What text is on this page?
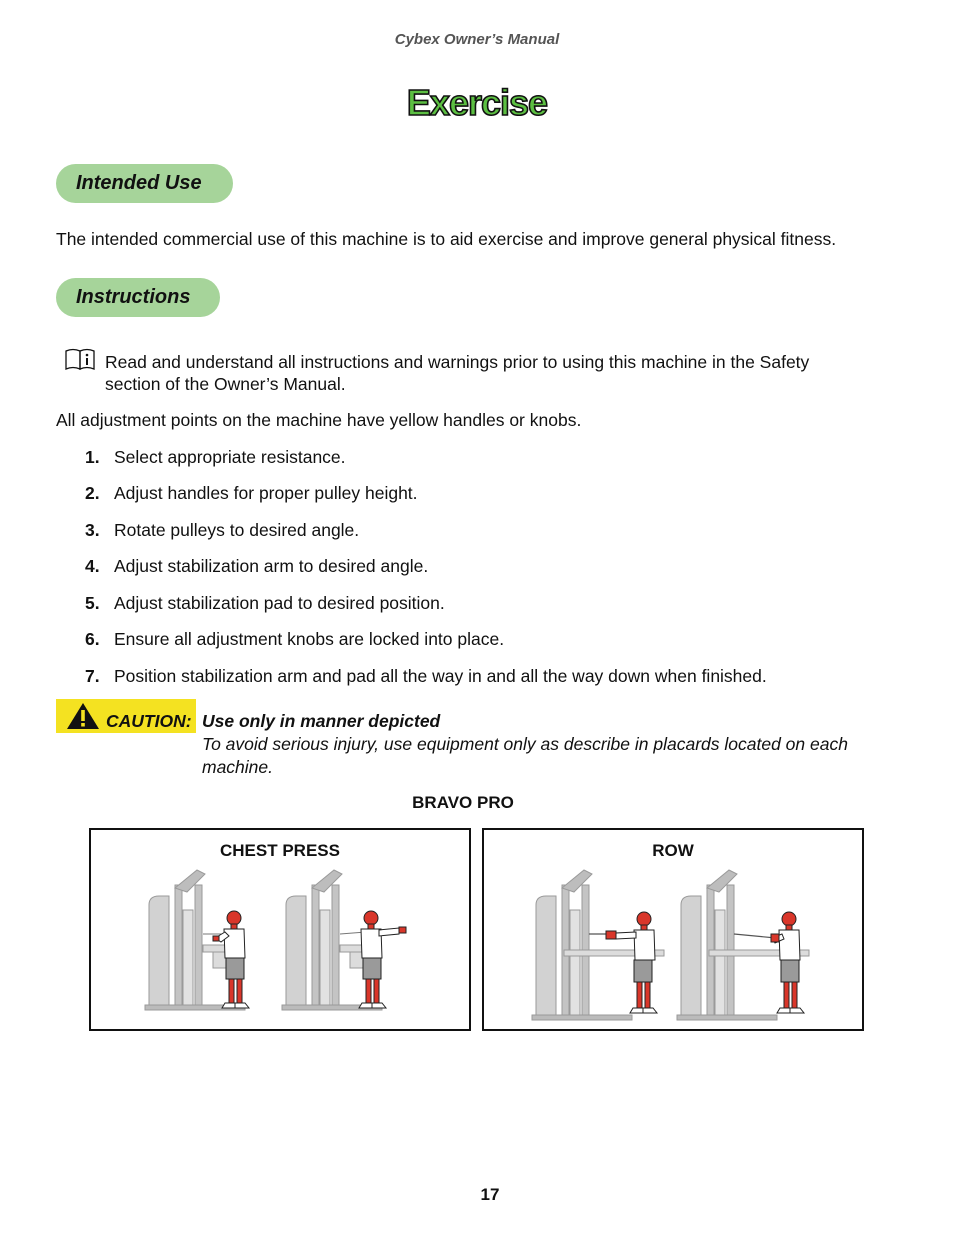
Cybex Owner’s Manual
Exercise
Intended Use
The intended commercial use of this machine is to aid exercise and improve general physical fitness.
Instructions
Read and understand all instructions and warnings prior to using this machine in the Safety
section of the Owner’s Manual.
All adjustment points on the machine have yellow handles or knobs.
1. Select appropriate resistance.
2. Adjust handles for proper pulley height.
3. Rotate pulleys to desired angle.
4. Adjust stabilization arm to desired angle.
5. Adjust stabilization pad to desired position.
6. Ensure all adjustment knobs are locked into place.
7. Position stabilization arm and pad all the way in and all the way down when finished.
CAUTION: Use only in manner depicted
To avoid serious injury, use equipment only as describe in placards located on each
machine.
BRAVO PRO
CHEST PRESS	ROW
17
